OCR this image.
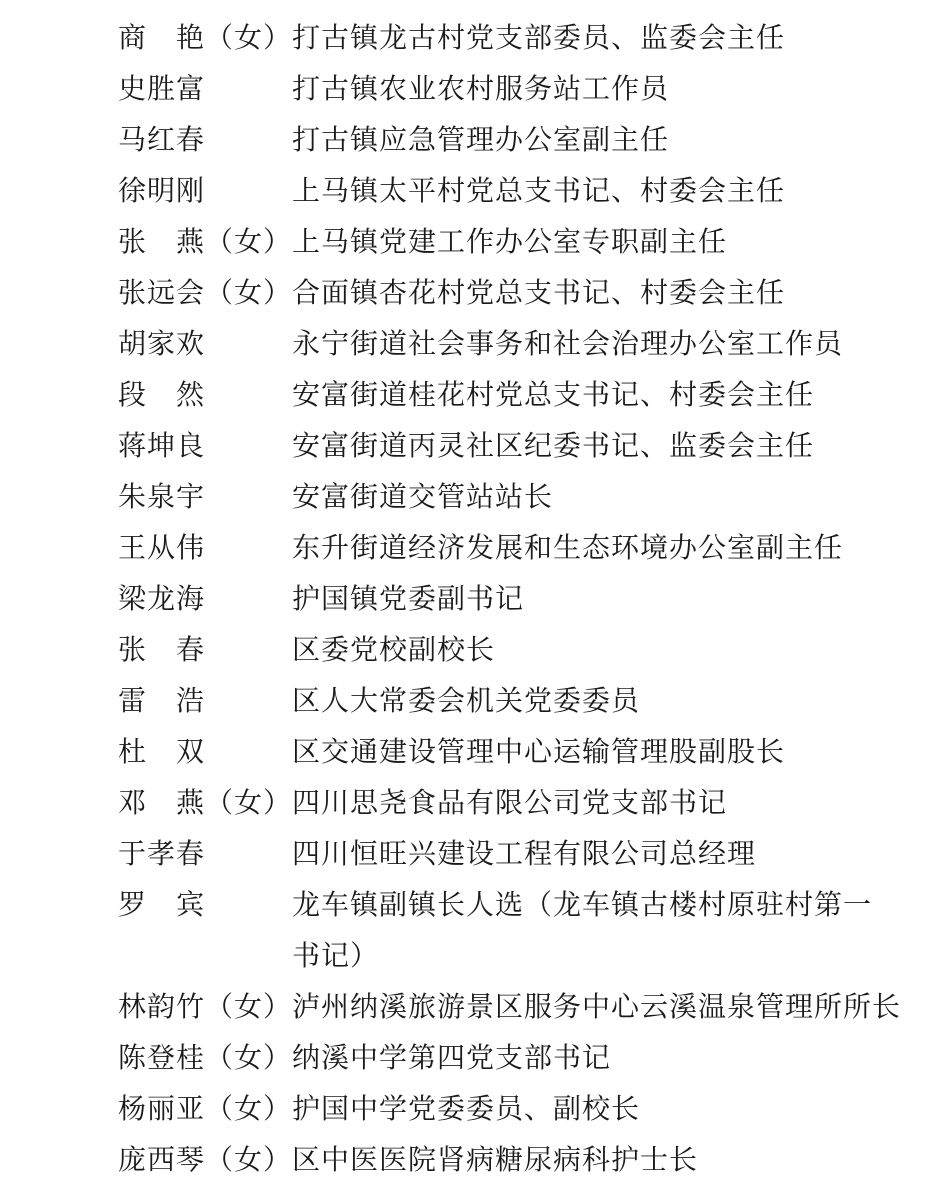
商　艳（女） 打古镇龙古村党支部委员、监委会主任
史胜富	打古镇农业农村服务站工作员
马红春	打古镇应急管理办公室副主任
徐明刚	上马镇太平村党总支书记、村委会主任
张　燕（女） 上马镇党建工作办公室专职副主任
张远会（女） 合面镇杏花村党总支书记、村委会主任
胡家欢	永宁街道社会事务和社会治理办公室工作员
段　然	安富街道桂花村党总支书记、村委会主任
蒋坤良	安富街道丙灵社区纪委书记、监委会主任
朱泉宇	安富街道交管站站长
王从伟	东升街道经济发展和生态环境办公室副主任
梁龙海	护国镇党委副书记
张　春	区委党校副校长
雷　浩	区人大常委会机关党委委员
杜　双	区交通建设管理中心运输管理股副股长
邓　燕（女） 四川思尧食品有限公司党支部书记
于孝春	四川恒旺兴建设工程有限公司总经理
罗　宾	龙车镇副镇长人选（龙车镇古楼村原驻村第一
书记）
林韵竹（女） 泸州纳溪旅游景区服务中心云溪温泉管理所所长
陈登桂（女） 纳溪中学第四党支部书记
杨丽亚（女） 护国中学党委委员、副校长
庞西琴（女） 区中医医院肾病糖尿病科护士长
